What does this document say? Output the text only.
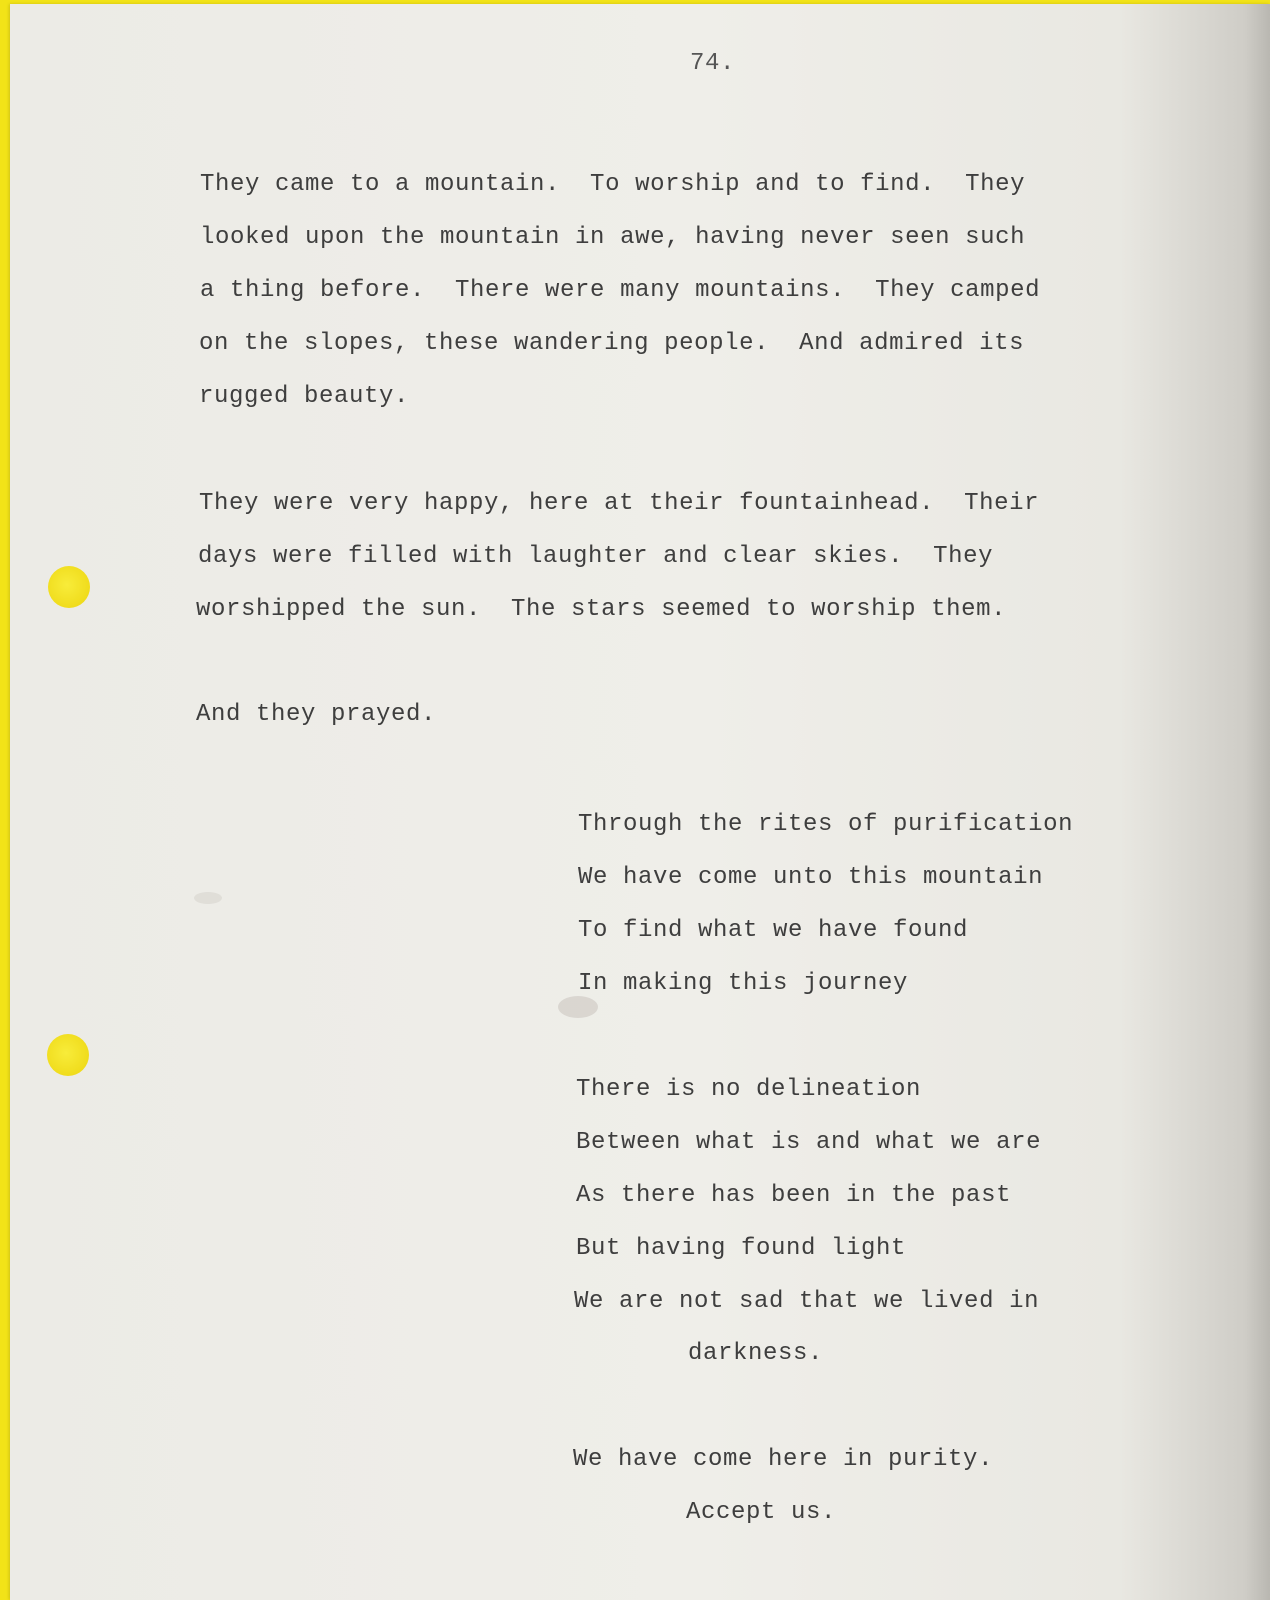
74.

They came to a mountain.  To worship and to find.  They

looked upon the mountain in awe, having never seen such

a thing before.  There were many mountains.  They camped

on the slopes, these wandering people.  And admired its

rugged beauty.

They were very happy, here at their fountainhead.  Their

days were filled with laughter and clear skies.  They

worshipped the sun.  The stars seemed to worship them.

And they prayed.

Through the rites of purification

We have come unto this mountain

To find what we have found

In making this journey

There is no delineation

Between what is and what we are

As there has been in the past

But having found light

We are not sad that we lived in

darkness.

We have come here in purity.

Accept us.
